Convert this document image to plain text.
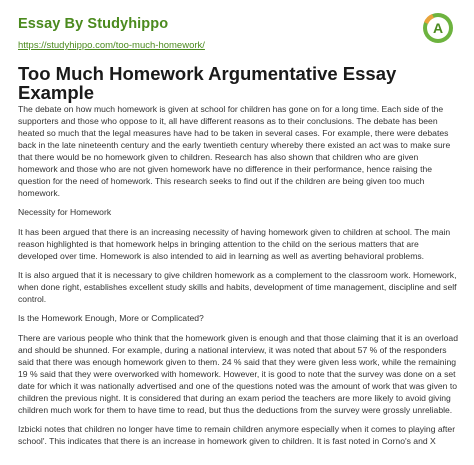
Essay By Studyhippo
https://studyhippo.com/too-much-homework/
A
Too Much Homework Argumentative Essay Example

The debate on how much homework is given at school for children has gone on for a long time. Each side of the supporters and those who oppose to it, all have different reasons as to their conclusions. The debate has been heated so much that the legal measures have had to be taken in several cases. For example, there were debates back in the late nineteenth century and the early twentieth century whereby there existed an act was to make sure that there would be no homework given to children. Research has also shown that children who are given homework and those who are not given homework have no difference in their performance, hence raising the question for the need of homework. This research seeks to find out if the children are being given too much homework.

Necessity for Homework

It has been argued that there is an increasing necessity of having homework given to children at school. The main reason highlighted is that homework helps in bringing attention to the child on the serious matters that are developed over time. Homework is also intended to aid in learning as well as averting behavioral problems.

It is also argued that it is necessary to give children homework as a complement to the classroom work. Homework, when done right, establishes excellent study skills and habits, development of time management, discipline and self control.

Is the Homework Enough, More or Complicated?

There are various people who think that the homework given is enough and that those claiming that it is an overload and should be shunned. For example, during a national interview, it was noted that about 57 % of the responders said that there was enough homework given to them. 24 % said that they were given less work, while the remaining 19 % said that they were overworked with homework. However, it is good to note that the survey was done on a set date for which it was nationally advertised and one of the questions noted was the amount of work that was given to children the previous night. It is considered that during an exam period the teachers are more likely to avoid giving children much work for them to have time to read, but thus the deductions from the survey were grossly unreliable.

Izbicki notes that children no longer have time to remain children anymore especially when it comes to playing after school'. This indicates that there is an increase in homework given to children. It is fast noted in Corno's and X
